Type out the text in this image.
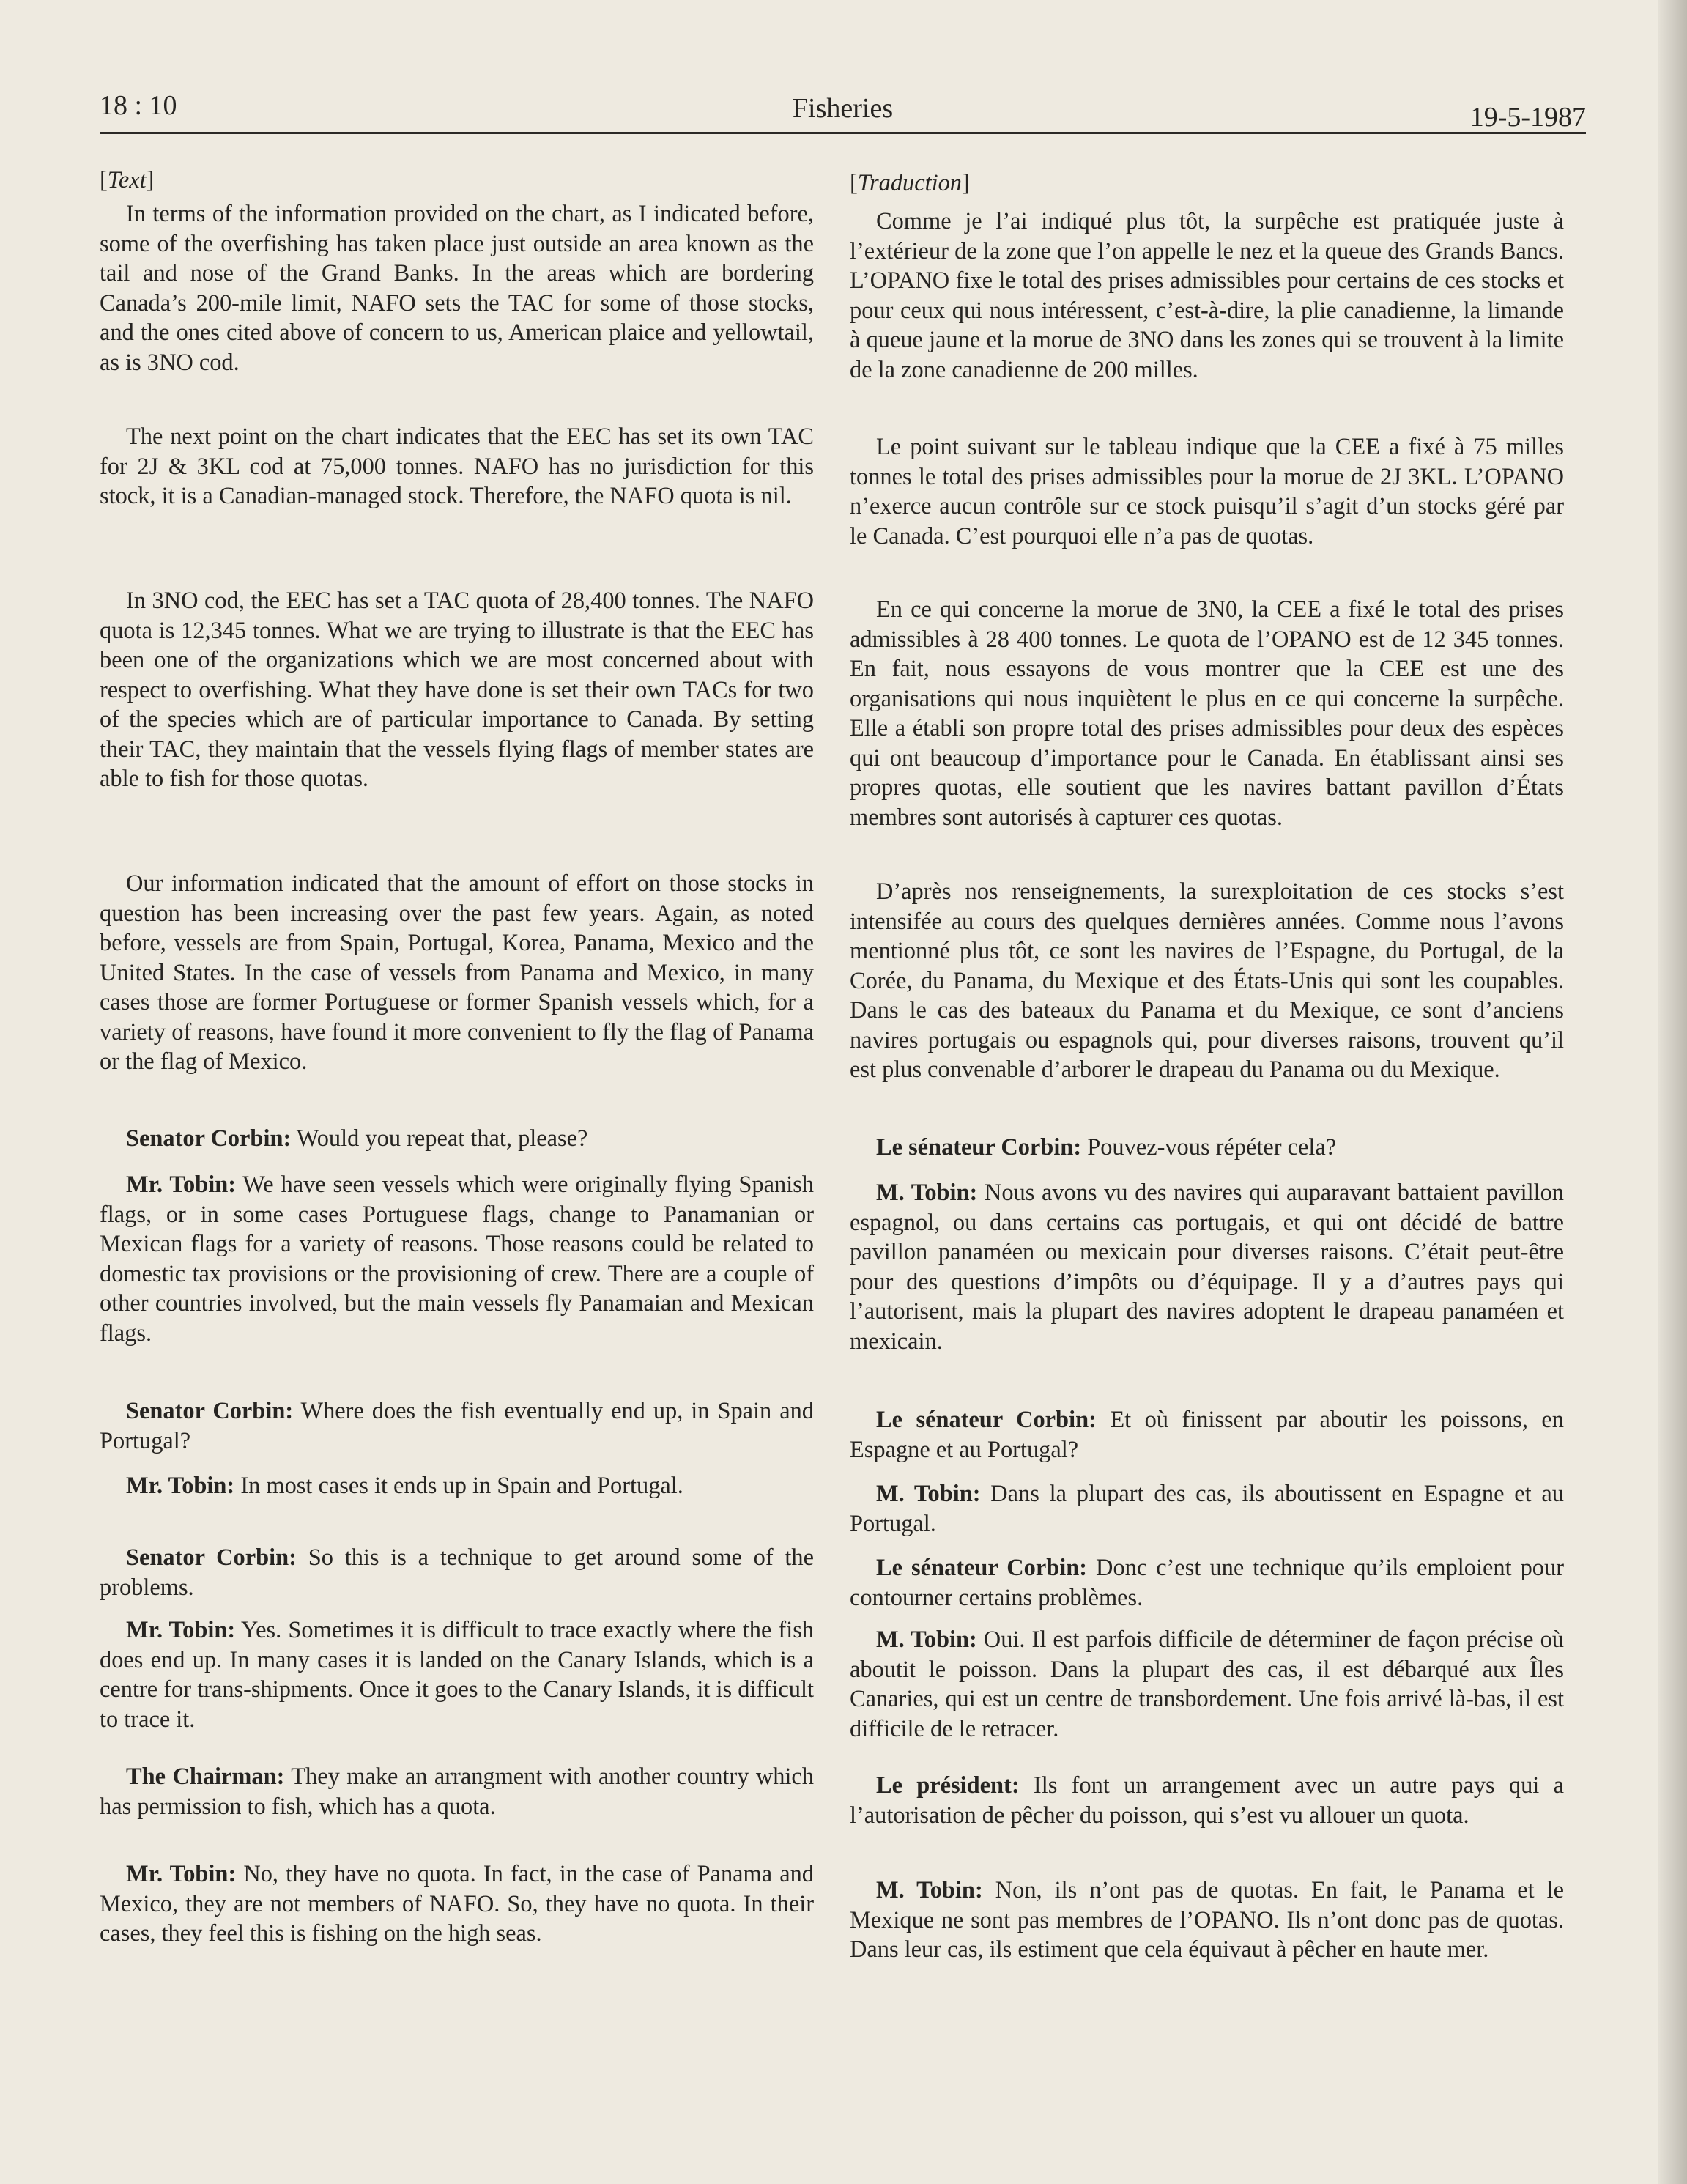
18 : 10	Fisheries	19-5-1987
[Text]

In terms of the information provided on the chart, as I indicated before, some of the overfishing has taken place just outside an area known as the tail and nose of the Grand Banks. In the areas which are bordering Canada’s 200-mile limit, NAFO sets the TAC for some of those stocks, and the ones cited above of concern to us, American plaice and yellowtail, as is 3NO cod.

The next point on the chart indicates that the EEC has set its own TAC for 2J & 3KL cod at 75,000 tonnes. NAFO has no jurisdiction for this stock, it is a Canadian-managed stock. Therefore, the NAFO quota is nil.

In 3NO cod, the EEC has set a TAC quota of 28,400 tonnes. The NAFO quota is 12,345 tonnes. What we are trying to illustrate is that the EEC has been one of the organizations which we are most concerned about with respect to overfishing. What they have done is set their own TACs for two of the species which are of particular importance to Canada. By setting their TAC, they maintain that the vessels flying flags of member states are able to fish for those quotas.

Our information indicated that the amount of effort on those stocks in question has been increasing over the past few years. Again, as noted before, vessels are from Spain, Portugal, Korea, Panama, Mexico and the United States. In the case of vessels from Panama and Mexico, in many cases those are former Portuguese or former Spanish vessels which, for a variety of reasons, have found it more convenient to fly the flag of Panama or the flag of Mexico.

Senator Corbin: Would you repeat that, please?

Mr. Tobin: We have seen vessels which were originally flying Spanish flags, or in some cases Portuguese flags, change to Panamanian or Mexican flags for a variety of reasons. Those reasons could be related to domestic tax provisions or the provisioning of crew. There are a couple of other countries involved, but the main vessels fly Panamaian and Mexican flags.

Senator Corbin: Where does the fish eventually end up, in Spain and Portugal?

Mr. Tobin: In most cases it ends up in Spain and Portugal.

Senator Corbin: So this is a technique to get around some of the problems.

Mr. Tobin: Yes. Sometimes it is difficult to trace exactly where the fish does end up. In many cases it is landed on the Canary Islands, which is a centre for trans-shipments. Once it goes to the Canary Islands, it is difficult to trace it.

The Chairman: They make an arrangment with another country which has permission to fish, which has a quota.

Mr. Tobin: No, they have no quota. In fact, in the case of Panama and Mexico, they are not members of NAFO. So, they have no quota. In their cases, they feel this is fishing on the high seas.

[Traduction]

Comme je l’ai indiqué plus tôt, la surpêche est pratiquée juste à l’extérieur de la zone que l’on appelle le nez et la queue des Grands Bancs. L’OPANO fixe le total des prises admissibles pour certains de ces stocks et pour ceux qui nous intéressent, c’est-à-dire, la plie canadienne, la limande à queue jaune et la morue de 3NO dans les zones qui se trouvent à la limite de la zone canadienne de 200 milles.

Le point suivant sur le tableau indique que la CEE a fixé à 75 milles tonnes le total des prises admissibles pour la morue de 2J 3KL. L’OPANO n’exerce aucun contrôle sur ce stock puisqu’il s’agit d’un stocks géré par le Canada. C’est pourquoi elle n’a pas de quotas.

En ce qui concerne la morue de 3N0, la CEE a fixé le total des prises admissibles à 28 400 tonnes. Le quota de l’OPANO est de 12 345 tonnes. En fait, nous essayons de vous montrer que la CEE est une des organisations qui nous inquiètent le plus en ce qui concerne la surpêche. Elle a établi son propre total des prises admissibles pour deux des espèces qui ont beaucoup d’importance pour le Canada. En établissant ainsi ses propres quotas, elle soutient que les navires battant pavillon d’États membres sont autorisés à capturer ces quotas.

D’après nos renseignements, la surexploitation de ces stocks s’est intensifée au cours des quelques dernières années. Comme nous l’avons mentionné plus tôt, ce sont les navires de l’Espagne, du Portugal, de la Corée, du Panama, du Mexique et des États-Unis qui sont les coupables. Dans le cas des bateaux du Panama et du Mexique, ce sont d’anciens navires portugais ou espagnols qui, pour diverses raisons, trouvent qu’il est plus convenable d’arborer le drapeau du Panama ou du Mexique.

Le sénateur Corbin: Pouvez-vous répéter cela?

M. Tobin: Nous avons vu des navires qui auparavant battaient pavillon espagnol, ou dans certains cas portugais, et qui ont décidé de battre pavillon panaméen ou mexicain pour diverses raisons. C’était peut-être pour des questions d’impôts ou d’équipage. Il y a d’autres pays qui l’autorisent, mais la plupart des navires adoptent le drapeau panaméen et mexicain.

Le sénateur Corbin: Et où finissent par aboutir les poissons, en Espagne et au Portugal?

M. Tobin: Dans la plupart des cas, ils aboutissent en Espagne et au Portugal.

Le sénateur Corbin: Donc c’est une technique qu’ils emploient pour contourner certains problèmes.

M. Tobin: Oui. Il est parfois difficile de déterminer de façon précise où aboutit le poisson. Dans la plupart des cas, il est débarqué aux Îles Canaries, qui est un centre de transbordement. Une fois arrivé là-bas, il est difficile de le retracer.

Le président: Ils font un arrangement avec un autre pays qui a l’autorisation de pêcher du poisson, qui s’est vu allouer un quota.

M. Tobin: Non, ils n’ont pas de quotas. En fait, le Panama et le Mexique ne sont pas membres de l’OPANO. Ils n’ont donc pas de quotas. Dans leur cas, ils estiment que cela équivaut à pêcher en haute mer.
